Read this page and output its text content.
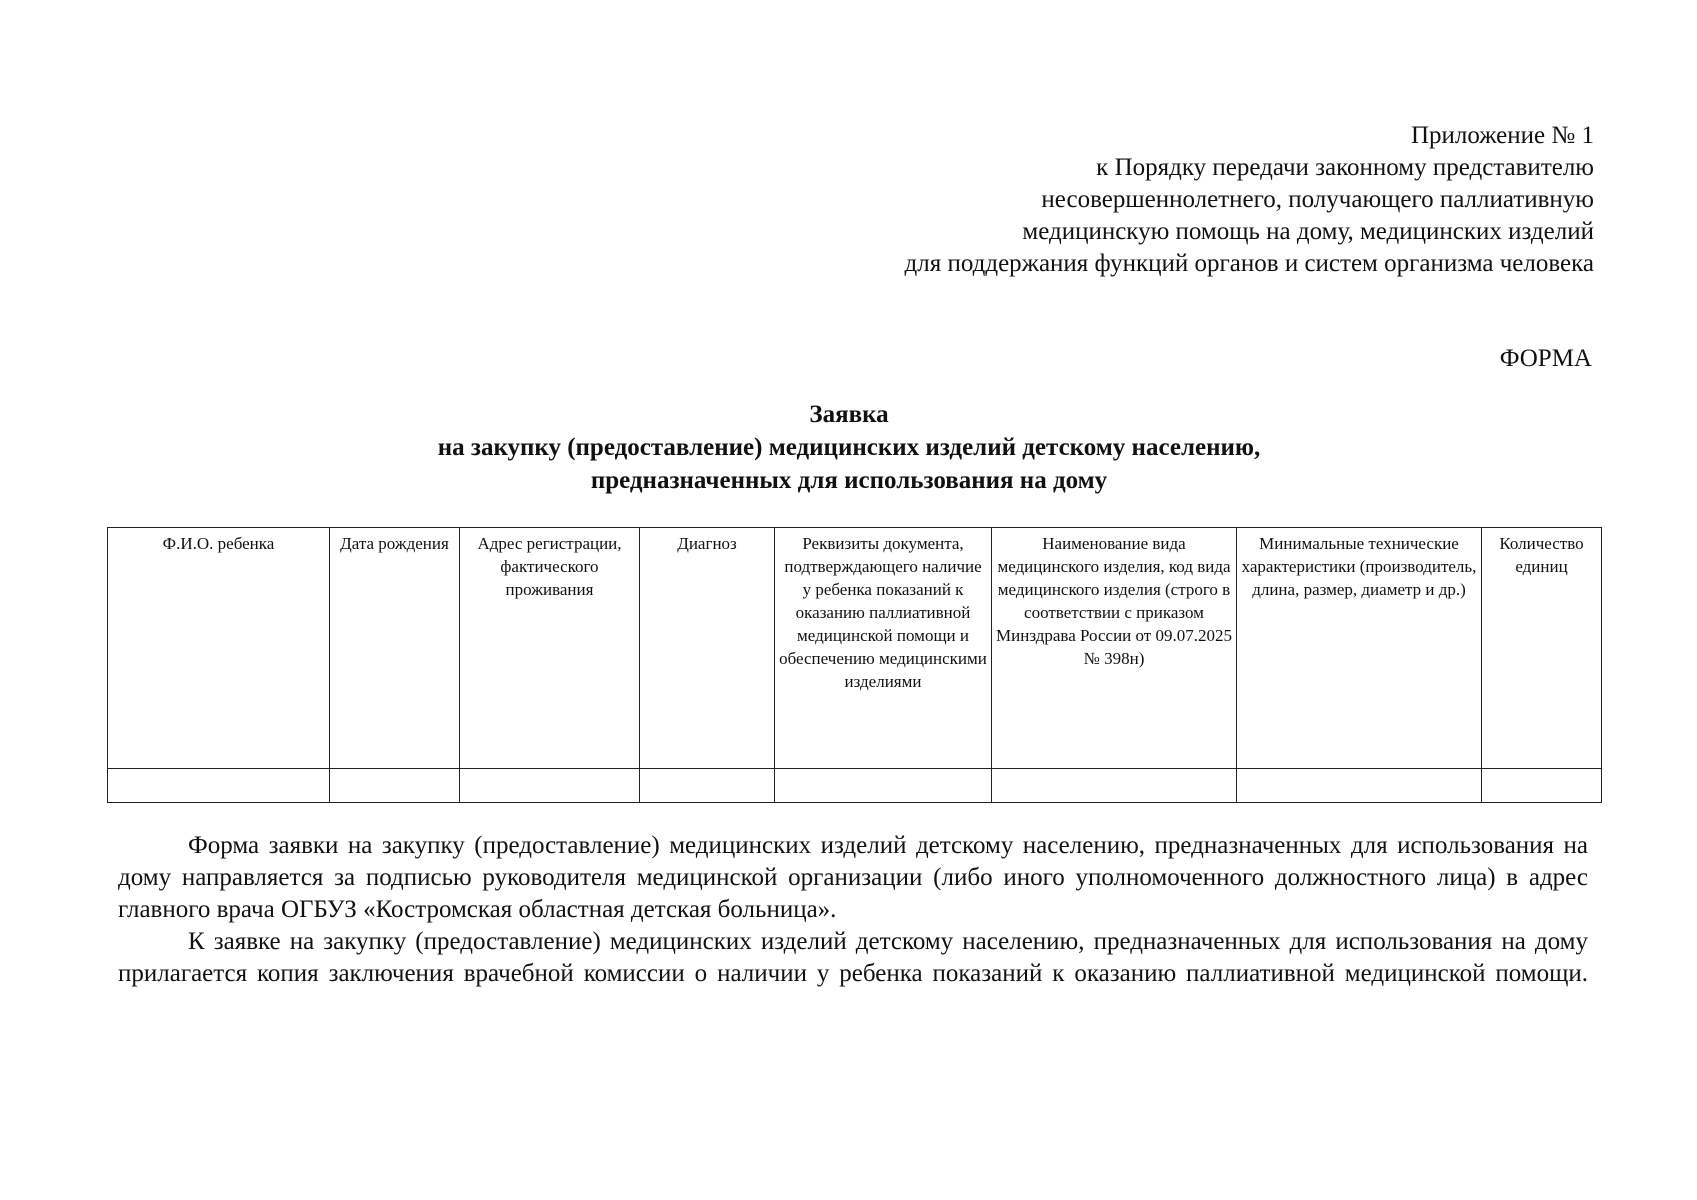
Приложение № 1
к Порядку передачи законному представителю
несовершеннолетнего, получающего паллиативную
медицинскую помощь на дому, медицинских изделий
для поддержания функций органов и систем организма человека
ФОРМА
Заявка
на закупку (предоставление) медицинских изделий детскому населению,
предназначенных для использования на дому
Ф.И.О. ребенка	Дата рождения	Адрес регистрации, фактического проживания	Диагноз	Реквизиты документа, подтверждающего наличие у ребенка показаний к оказанию паллиативной медицинской помощи и обеспечению медицинскими изделиями	Наименование вида медицинского изделия, код вида медицинского изделия (строго в соответствии с приказом Минздрава России от 09.07.2025 № 398н)	Минимальные технические характеристики (производитель, длина, размер, диаметр и др.)	Количество единиц

Форма заявки на закупку (предоставление) медицинских изделий детскому населению, предназначенных для использования на дому направляется за подписью руководителя медицинской организации (либо иного уполномоченного должностного лица) в адрес главного врача ОГБУЗ «Костромская областная детская больница».

К заявке на закупку (предоставление) медицинских изделий детскому населению, предназначенных для использования на дому прилагается копия заключения врачебной комиссии о наличии у ребенка показаний к оказанию паллиативной медицинской помощи.
